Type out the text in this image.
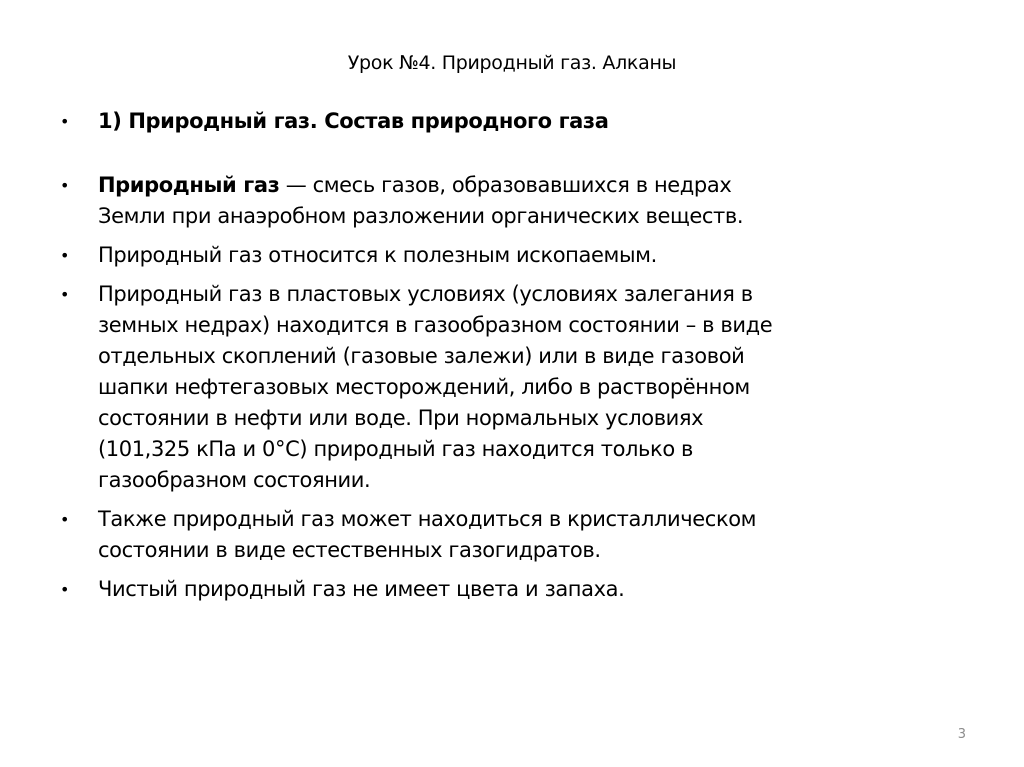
Урок №4. Природный газ. Алканы
• 1) Природный газ. Состав природного газа
• Природный газ — смесь газов, образовавшихся в недрах
Земли при анаэробном разложении органических веществ.
• Природный газ относится к полезным ископаемым.
• Природный газ в пластовых условиях (условиях залегания в
земных недрах) находится в газообразном состоянии – в виде
отдельных скоплений (газовые залежи) или в виде газовой
шапки нефтегазовых месторождений, либо в растворённом
состоянии в нефти или воде. При нормальных условиях
(101,325 кПа и 0°C) природный газ находится только в
газообразном состоянии.
• Также природный газ может находиться в кристаллическом
состоянии в виде естественных газогидратов.
• Чистый природный газ не имеет цвета и запаха.
3
